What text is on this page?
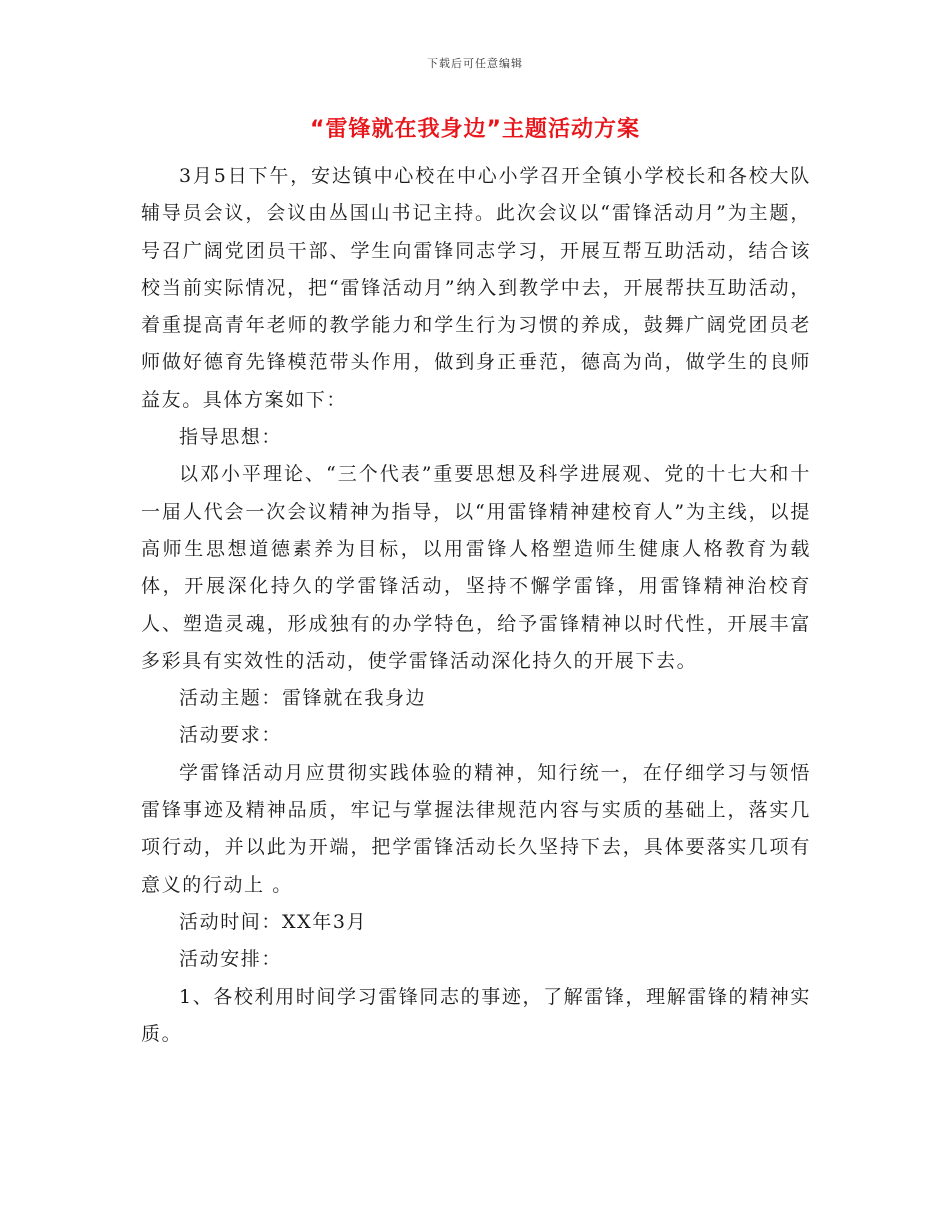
下载后可任意编辑
“雷锋就在我身边”主题活动方案

3月5日下午，安达镇中心校在中心小学召开全镇小学校长和各校大队辅导员会议，会议由丛国山书记主持。此次会议以“雷锋活动月”为主题，号召广阔党团员干部、学生向雷锋同志学习，开展互帮互助活动，结合该校当前实际情况，把“雷锋活动月”纳入到教学中去，开展帮扶互助活动，着重提高青年老师的教学能力和学生行为习惯的养成，鼓舞广阔党团员老师做好德育先锋模范带头作用，做到身正垂范，德高为尚，做学生的良师益友。具体方案如下：

指导思想：

以邓小平理论、“三个代表”重要思想及科学进展观、党的十七大和十一届人代会一次会议精神为指导，以“用雷锋精神建校育人”为主线，以提高师生思想道德素养为目标，以用雷锋人格塑造师生健康人格教育为载体，开展深化持久的学雷锋活动，坚持不懈学雷锋，用雷锋精神治校育人、塑造灵魂，形成独有的办学特色，给予雷锋精神以时代性，开展丰富多彩具有实效性的活动，使学雷锋活动深化持久的开展下去。

活动主题：雷锋就在我身边

活动要求：

学雷锋活动月应贯彻实践体验的精神，知行统一，在仔细学习与领悟雷锋事迹及精神品质，牢记与掌握法律规范内容与实质的基础上，落实几项行动，并以此为开端，把学雷锋活动长久坚持下去，具体要落实几项有意义的行动上 。

活动时间：XX年3月

活动安排：

1、各校利用时间学习雷锋同志的事迹，了解雷锋，理解雷锋的精神实质。
